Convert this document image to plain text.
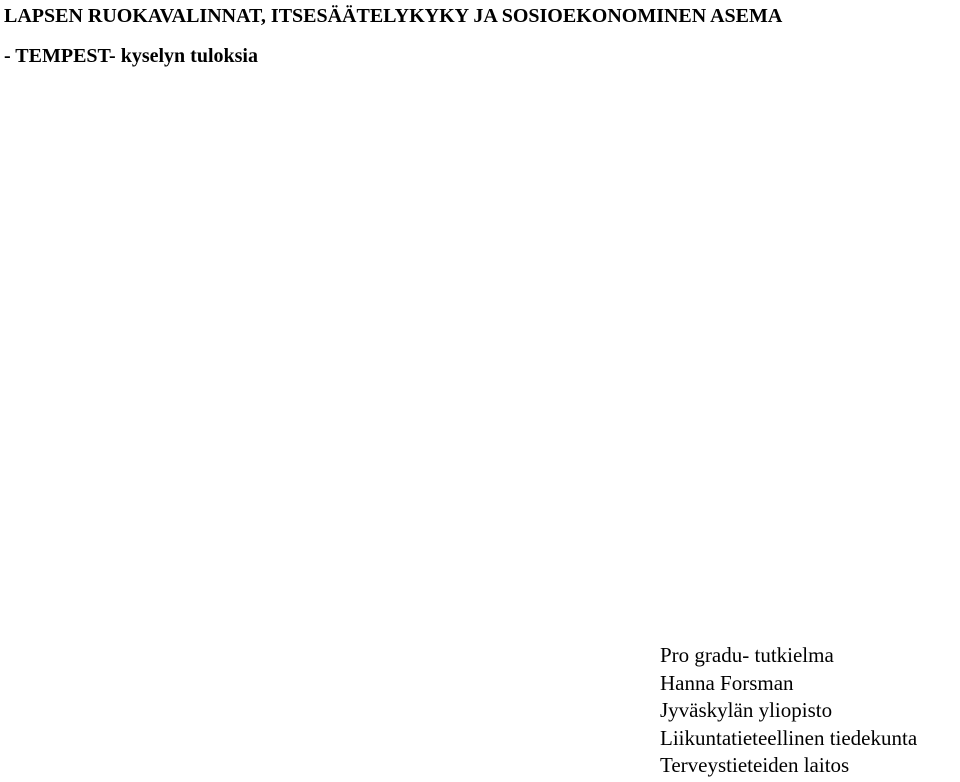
LAPSEN RUOKAVALINNAT, ITSESÄÄTELYKYKY JA SOSIOEKONOMINEN ASEMA

- TEMPEST- kyselyn tuloksia

Pro gradu- tutkielma

Hanna Forsman

Jyväskylän yliopisto

Liikuntatieteellinen tiedekunta

Terveystieteiden laitos
